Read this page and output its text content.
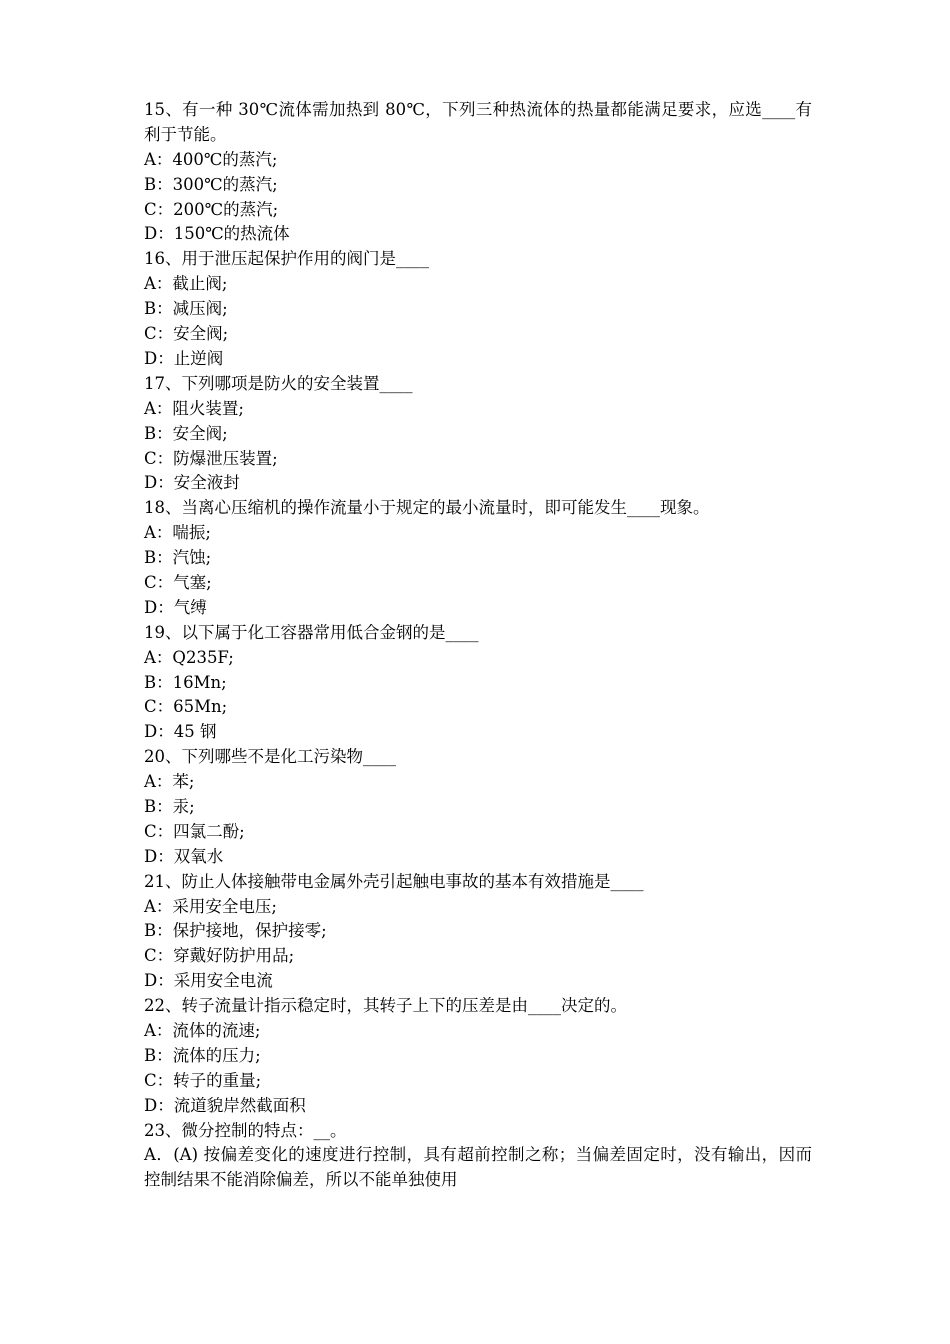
15、有一种 30℃流体需加热到 80℃，下列三种热流体的热量都能满足要求，应选____有利于节能。

A：400℃的蒸汽;

B：300℃的蒸汽;

C：200℃的蒸汽;

D：150℃的热流体

16、用于泄压起保护作用的阀门是____

A：截止阀;

B：减压阀;

C：安全阀;

D：止逆阀

17、下列哪项是防火的安全装置____

A：阻火装置;

B：安全阀;

C：防爆泄压装置;

D：安全液封

18、当离心压缩机的操作流量小于规定的最小流量时，即可能发生____现象。

A：喘振;

B：汽蚀;

C：气塞;

D：气缚

19、以下属于化工容器常用低合金钢的是____

A：Q235F;

B：16Mn;

C：65Mn;

D：45 钢

20、下列哪些不是化工污染物____

A：苯;

B：汞;

C：四氯二酚;

D：双氧水

21、防止人体接触带电金属外壳引起触电事故的基本有效措施是____

A：采用安全电压;

B：保护接地，保护接零;

C：穿戴好防护用品;

D：采用安全电流

22、转子流量计指示稳定时，其转子上下的压差是由____决定的。

A：流体的流速;

B：流体的压力;

C：转子的重量;

D：流道貌岸然截面积

23、微分控制的特点：__。

A．(A) 按偏差变化的速度进行控制，具有超前控制之称；当偏差固定时，没有输出，因而控制结果不能消除偏差，所以不能单独使用
